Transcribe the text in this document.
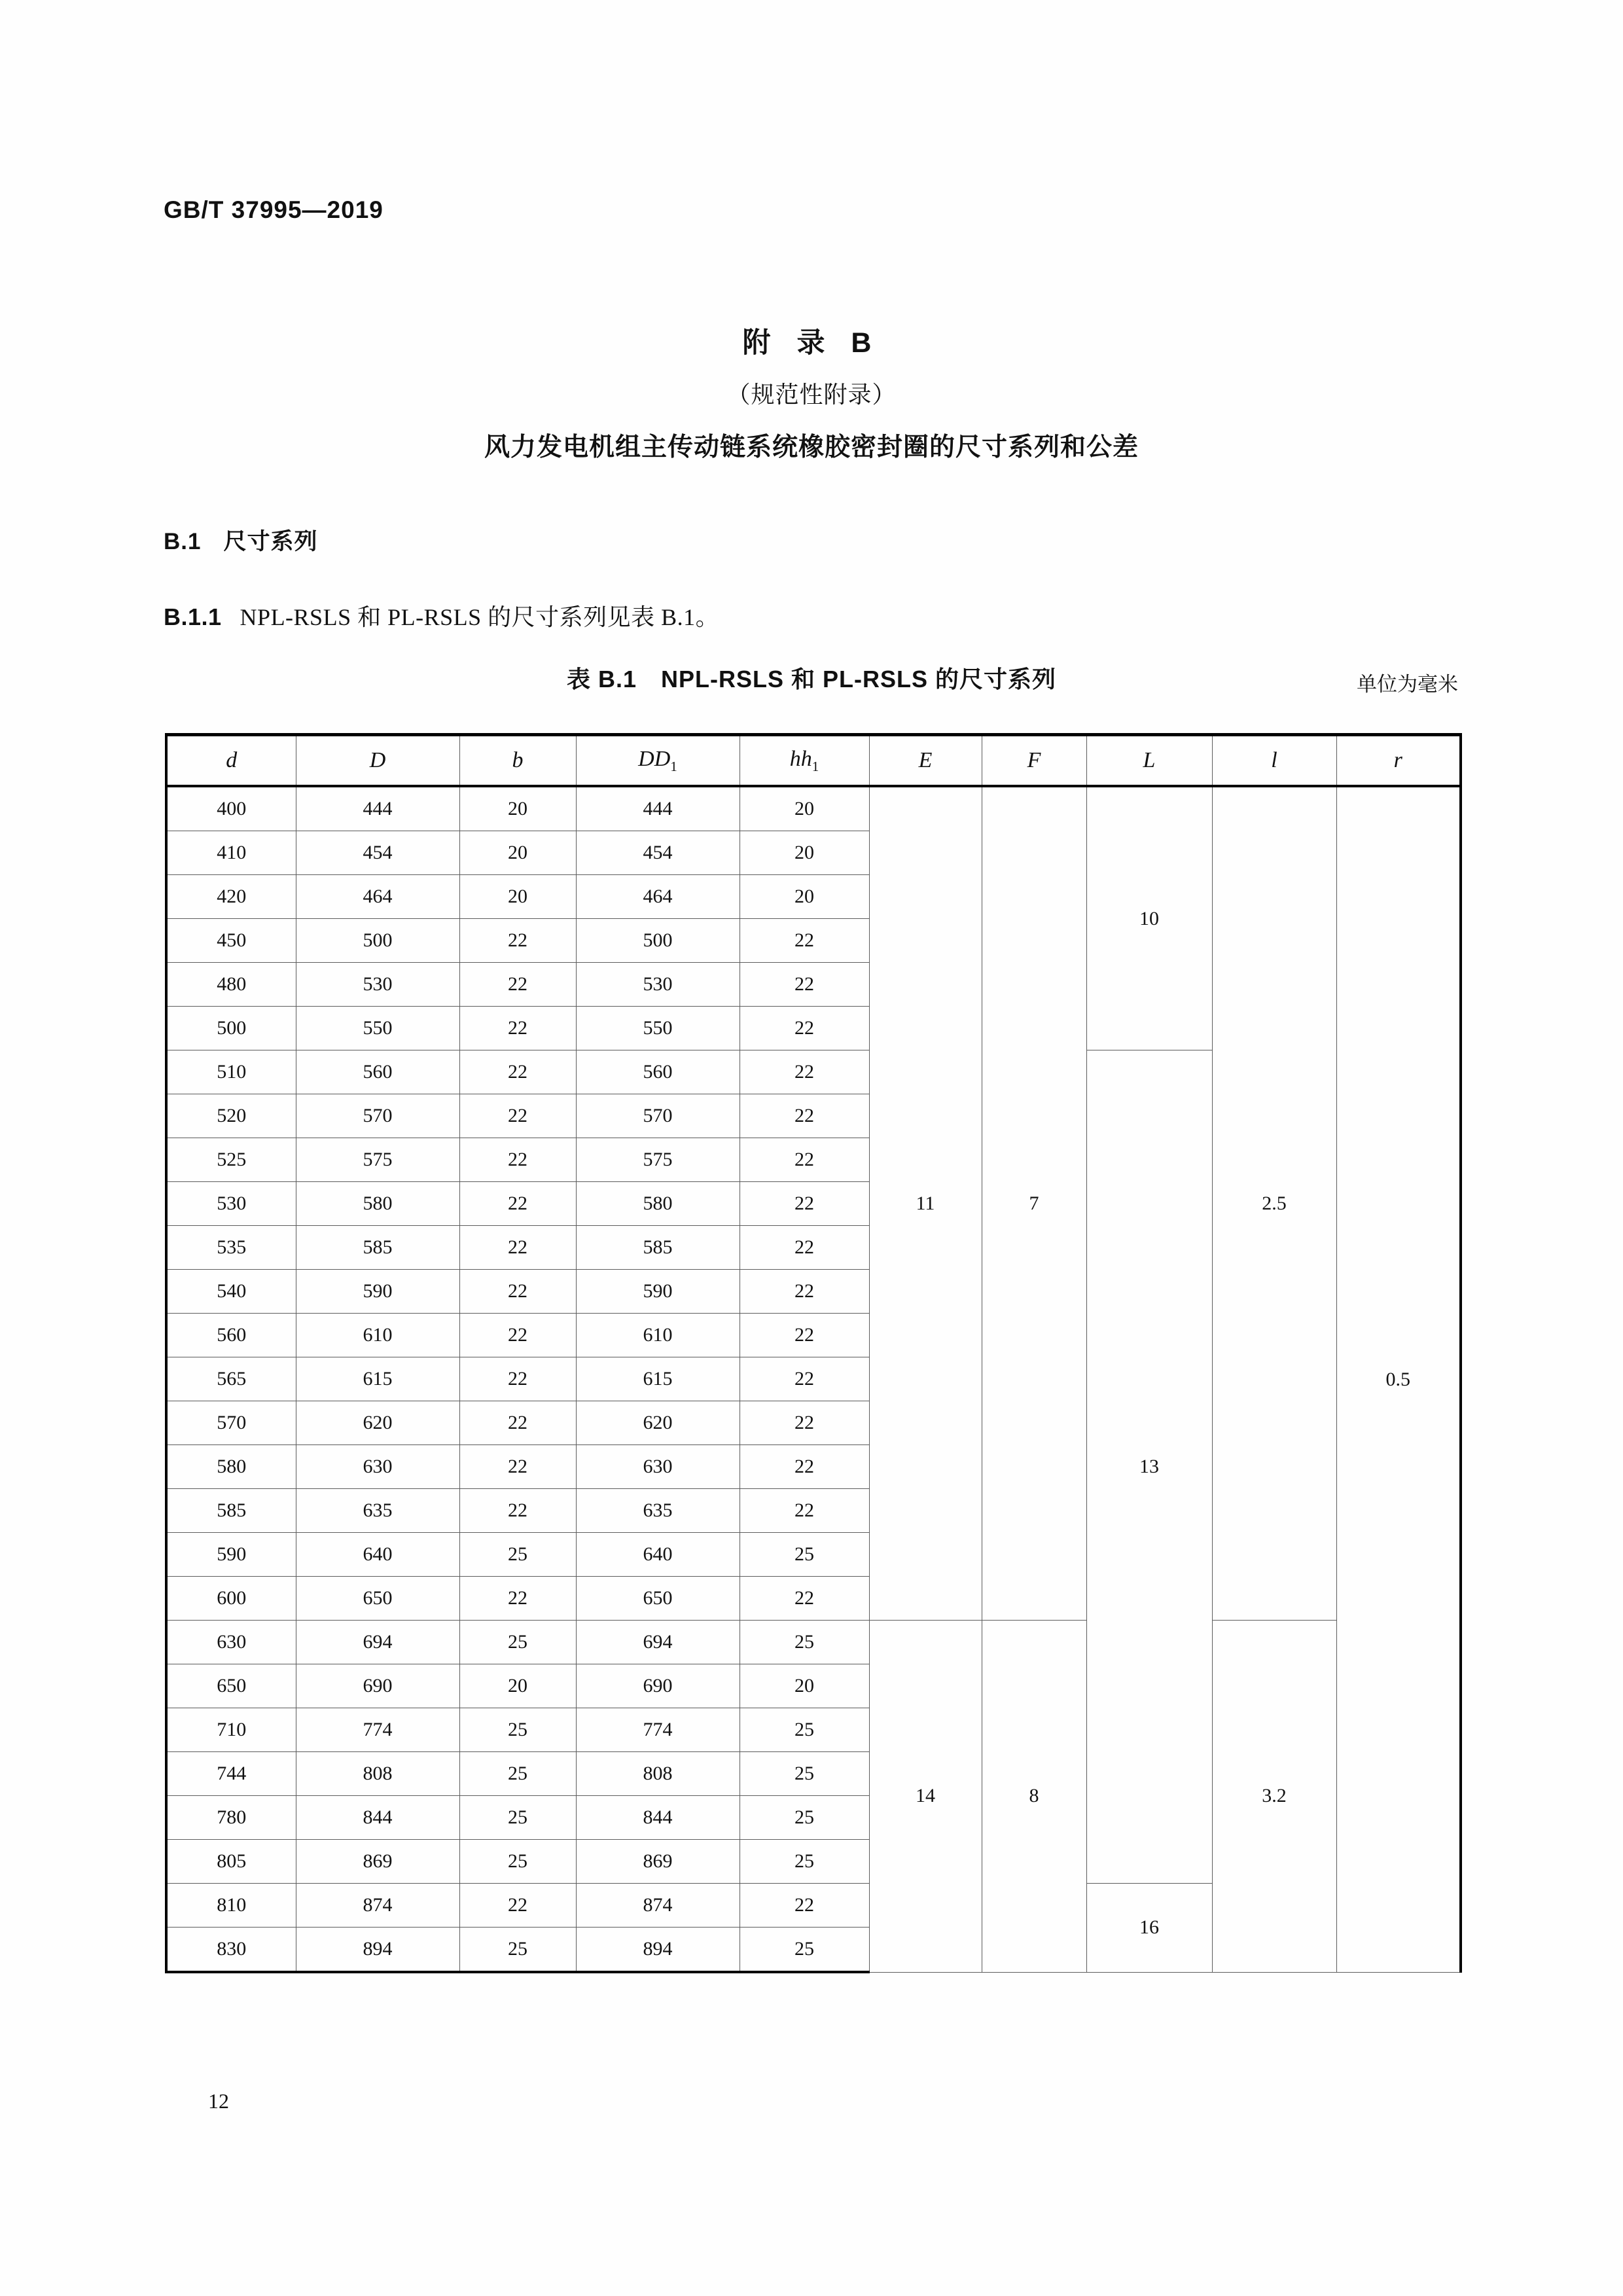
GB/T 37995—2019
附 录 B
（规范性附录）
风力发电机组主传动链系统橡胶密封圈的尺寸系列和公差
B.1 尺寸系列
B.1.1 NPL-RSLS 和 PL-RSLS 的尺寸系列见表 B.1。
表 B.1　NPL-RSLS 和 PL-RSLS 的尺寸系列	单位为毫米
d	D	b	$DD_1$	$hh_1$	E	F	L	l	r
400	444	20	444	20	11	7	10	2.5	0.5
410	454	20	454	20					
420	464	20	464	20					
450	500	22	500	22					
480	530	22	530	22					
500	550	22	550	22					
510	560	22	560	22			13		
520	570	22	570	22					
525	575	22	575	22					
530	580	22	580	22					
535	585	22	585	22					
540	590	22	590	22					
560	610	22	610	22					
565	615	22	615	22					
570	620	22	620	22					
580	630	22	630	22					
585	635	22	635	22					
590	640	25	640	25					
600	650	22	650	22					
630	694	25	694	25	14	8		3.2	
650	690	20	690	20					
710	774	25	774	25					
744	808	25	808	25					
780	844	25	844	25					
805	869	25	869	25					
810	874	22	874	22			16		
830	894	25	894	25					
12
